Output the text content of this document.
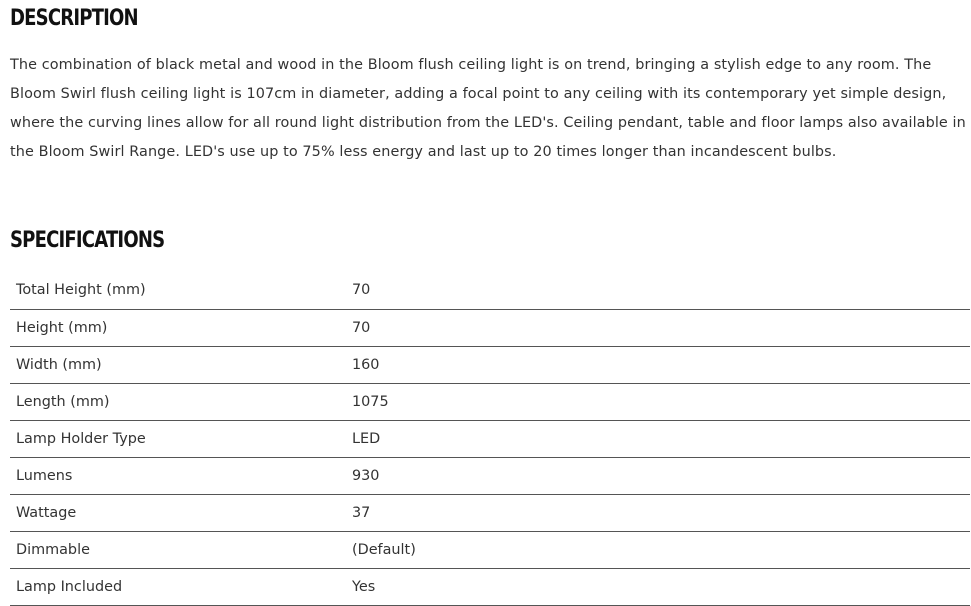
DESCRIPTION

The combination of black metal and wood in the Bloom flush ceiling light is on trend, bringing a stylish edge to any room. The Bloom Swirl flush ceiling light is 107cm in diameter, adding a focal point to any ceiling with its contemporary yet simple design, where the curving lines allow for all round light distribution from the LED's. Ceiling pendant, table and floor lamps also available in the Bloom Swirl Range. LED's use up to 75% less energy and last up to 20 times longer than incandescent bulbs.

SPECIFICATIONS
Total Height (mm)	70
Height (mm)	70
Width (mm)	160
Length (mm)	1075
Lamp Holder Type	LED
Lumens	930
Wattage	37
Dimmable	(Default)
Lamp Included	Yes
